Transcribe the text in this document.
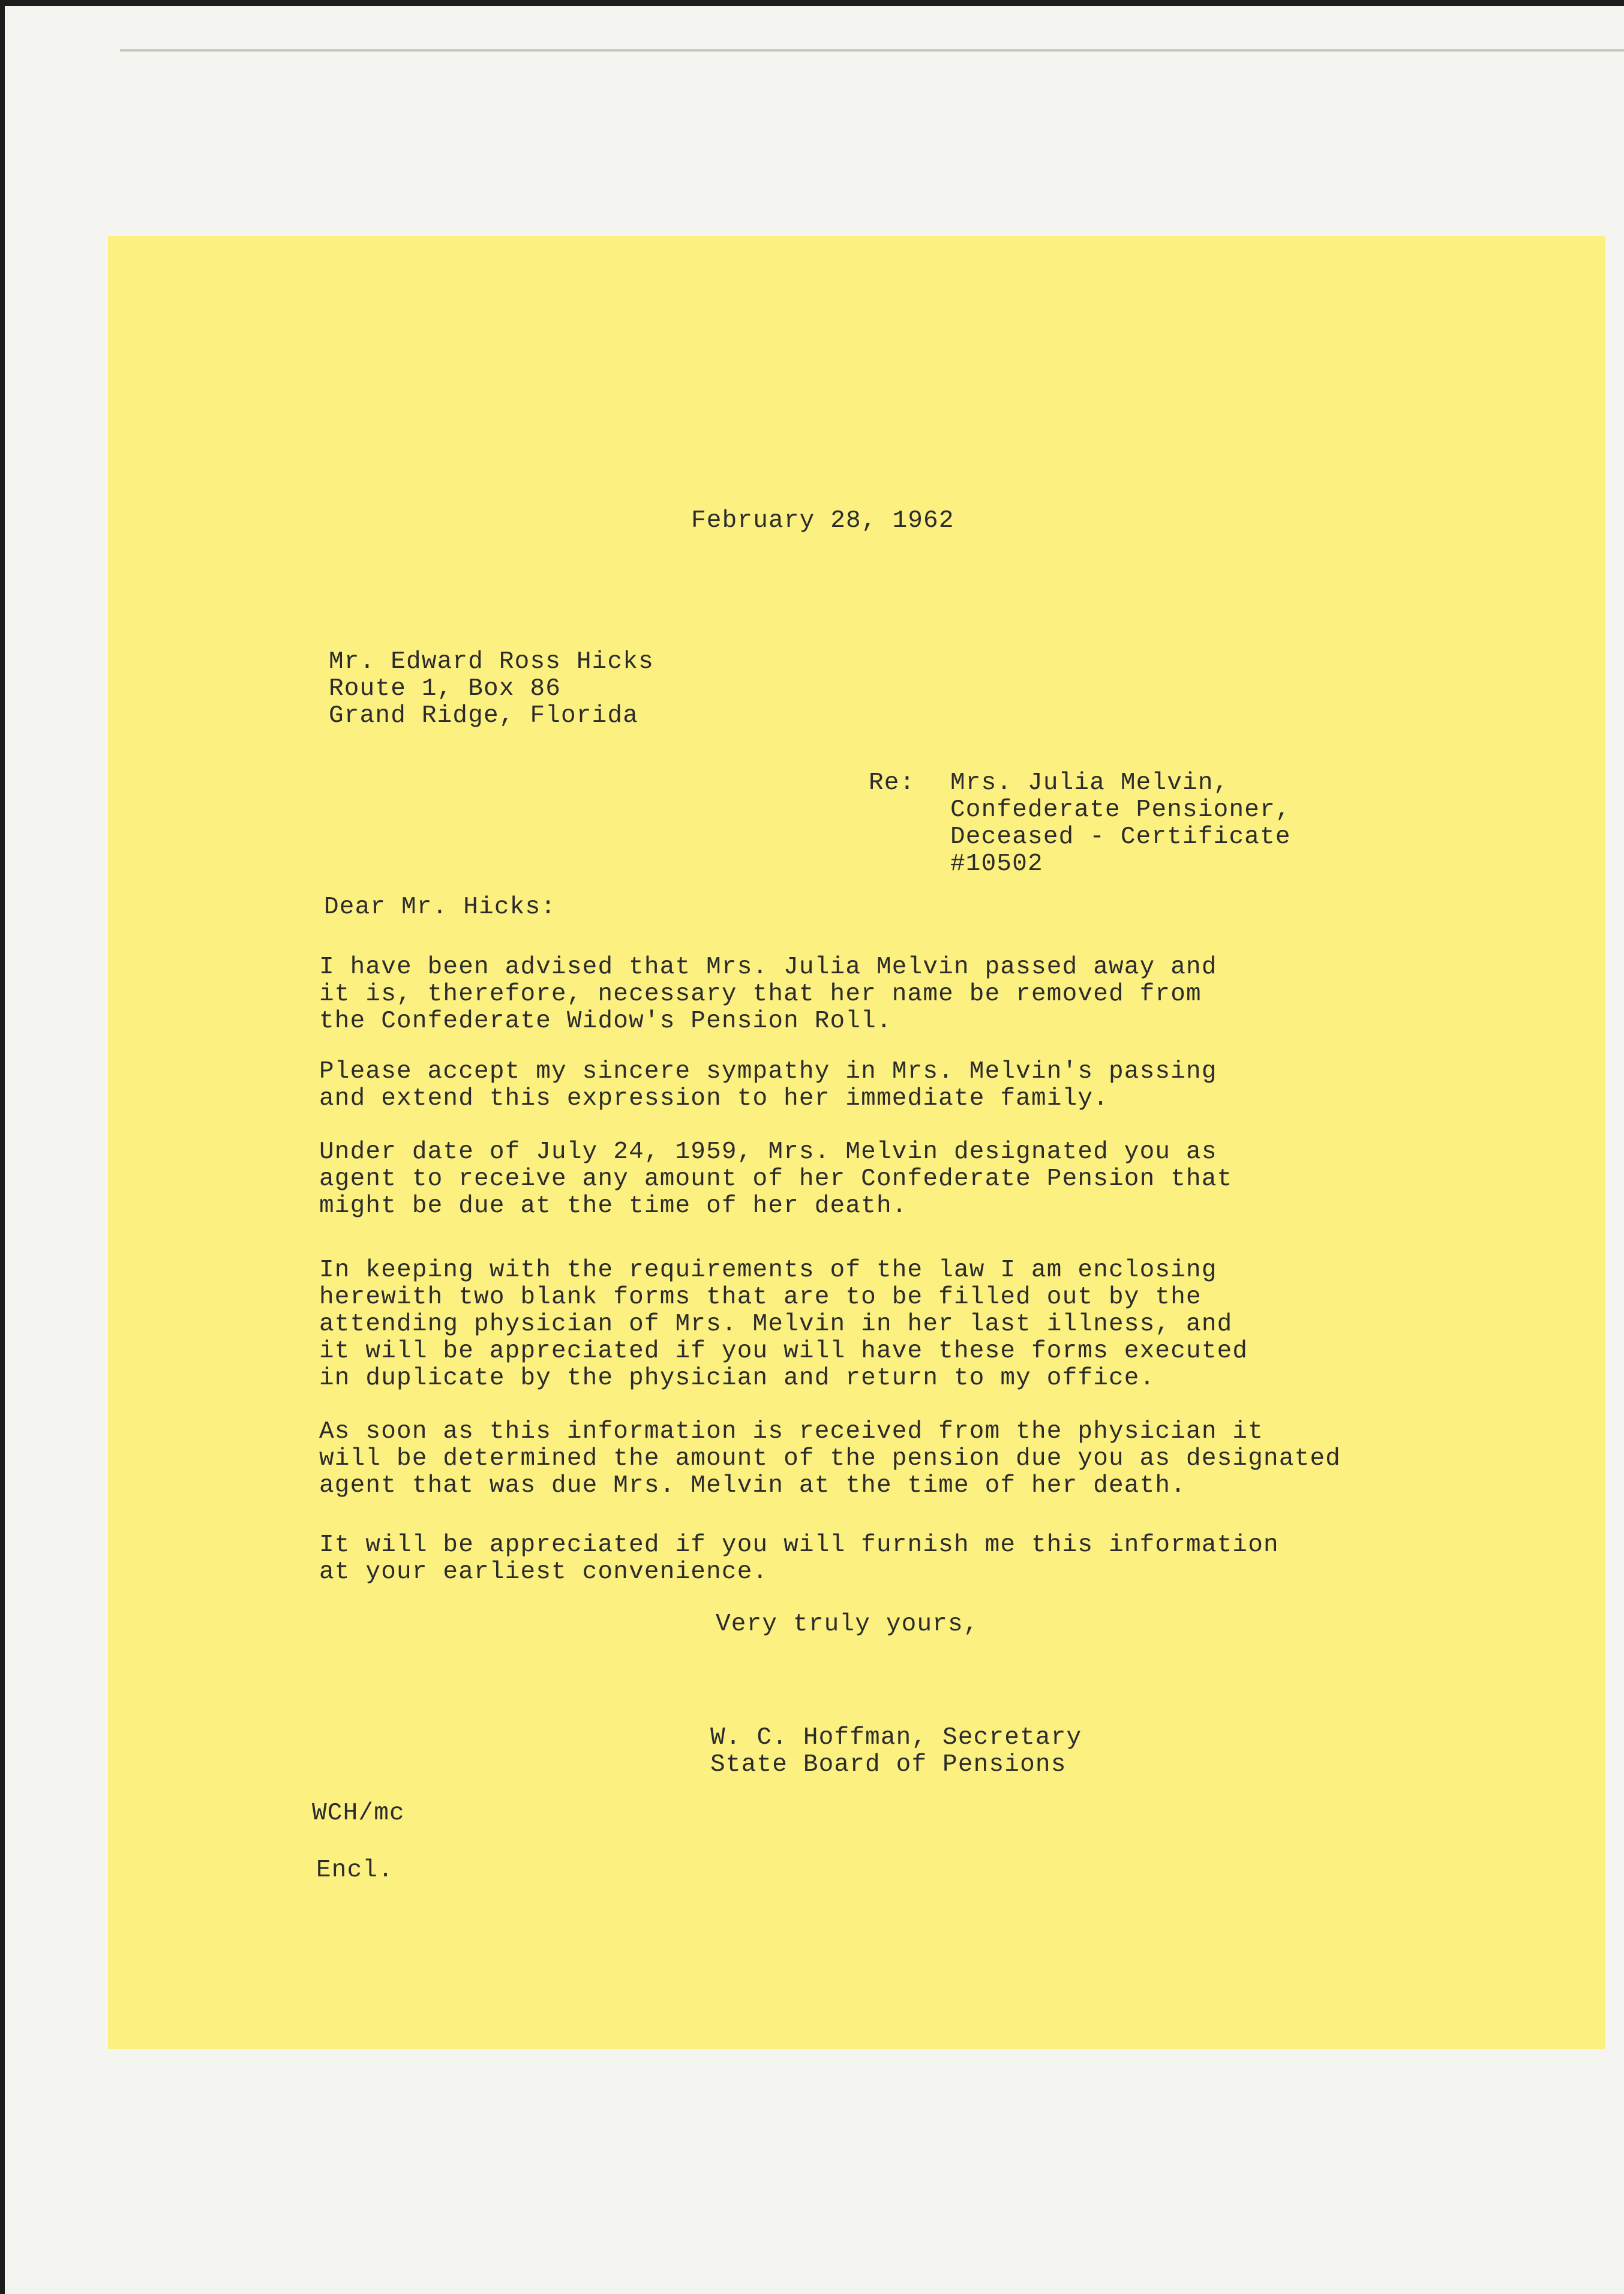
February 28, 1962
Mr. Edward Ross Hicks
Route 1, Box 86
Grand Ridge, Florida
Re: Mrs. Julia Melvin,
Confederate Pensioner,
Deceased - Certificate
#10502
Dear Mr. Hicks:
I have been advised that Mrs. Julia Melvin passed away and
it is, therefore, necessary that her name be removed from
the Confederate Widow's Pension Roll.
Please accept my sincere sympathy in Mrs. Melvin's passing
and extend this expression to her immediate family.
Under date of July 24, 1959, Mrs. Melvin designated you as
agent to receive any amount of her Confederate Pension that
might be due at the time of her death.
In keeping with the requirements of the law I am enclosing
herewith two blank forms that are to be filled out by the
attending physician of Mrs. Melvin in her last illness, and
it will be appreciated if you will have these forms executed
in duplicate by the physician and return to my office.
As soon as this information is received from the physician it
will be determined the amount of the pension due you as designated
agent that was due Mrs. Melvin at the time of her death.
It will be appreciated if you will furnish me this information
at your earliest convenience.
Very truly yours,
W. C. Hoffman, Secretary
State Board of Pensions
WCH/mc
Encl.
